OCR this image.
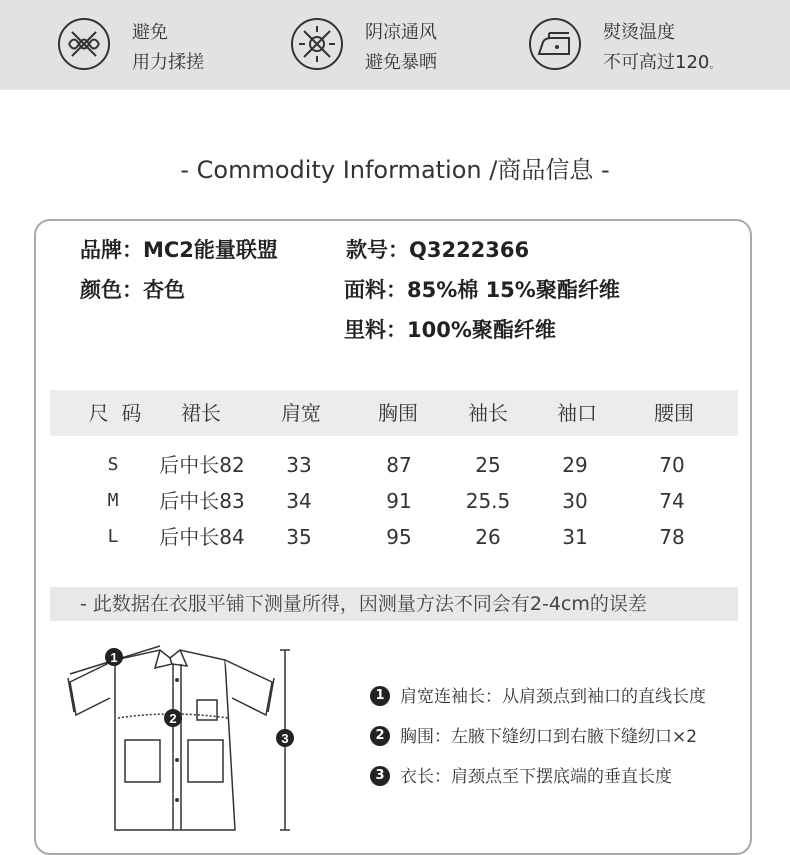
避免
用力揉搓
阴凉通风
避免暴晒
熨烫温度
不可高过120。
- Commodity Information /商品信息 -
品牌：MC2能量联盟	款号：Q3222366
颜色：杏色	面料：85%棉 15%聚酯纤维
里料：100%聚酯纤维
尺  码	裙长	肩宽	胸围	袖长	袖口	腰围
S	后中长82	33	87	25	29	70
M	后中长83	34	91	25.5	30	74
L	后中长84	35	95	26	31	78
- 此数据在衣服平铺下测量所得，因测量方法不同会有2-4cm的误差
1
2
3
1 肩宽连袖长：从肩颈点到袖口的直线长度
2 胸围：左腋下缝纫口到右腋下缝纫口×2
3 衣长：肩颈点至下摆底端的垂直长度
